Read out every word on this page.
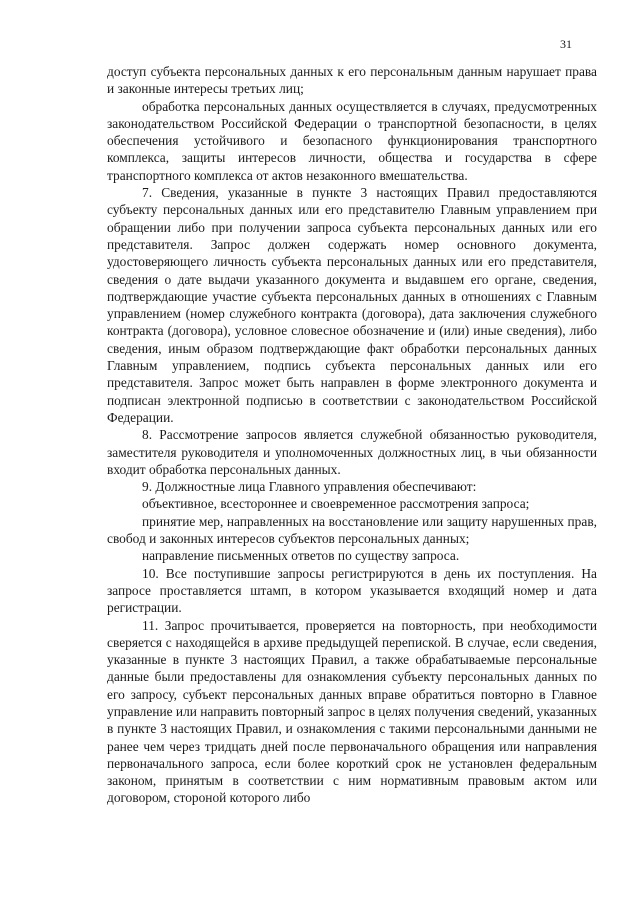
31

доступ субъекта персональных данных к его персональным данным нарушает права и законные интересы третьих лиц;

обработка персональных данных осуществляется в случаях, предусмотренных законодательством Российской Федерации о транспортной безопасности, в целях обеспечения устойчивого и безопасного функционирования транспортного комплекса, защиты интересов личности, общества и государства в сфере транспортного комплекса от актов незаконного вмешательства.

7. Сведения, указанные в пункте 3 настоящих Правил предоставляются субъекту персональных данных или его представителю Главным управлением при обращении либо при получении запроса субъекта персональных данных или его представителя. Запрос должен содержать номер основного документа, удостоверяющего личность субъекта персональных данных или его представителя, сведения о дате выдачи указанного документа и выдавшем его органе, сведения, подтверждающие участие субъекта персональных данных в отношениях с Главным управлением (номер служебного контракта (договора), дата заключения служебного контракта (договора), условное словесное обозначение и (или) иные сведения), либо сведения, иным образом подтверждающие факт обработки персональных данных Главным управлением, подпись субъекта персональных данных или его представителя. Запрос может быть направлен в форме электронного документа и подписан электронной подписью в соответствии с законодательством Российской Федерации.

8. Рассмотрение запросов является служебной обязанностью руководителя, заместителя руководителя и уполномоченных должностных лиц, в чьи обязанности входит обработка персональных данных.

9. Должностные лица Главного управления обеспечивают:

объективное, всестороннее и своевременное рассмотрения запроса;

принятие мер, направленных на восстановление или защиту нарушенных прав, свобод и законных интересов субъектов персональных данных;

направление письменных ответов по существу запроса.

10. Все поступившие запросы регистрируются в день их поступления. На запросе проставляется штамп, в котором указывается входящий номер и дата регистрации.

11. Запрос прочитывается, проверяется на повторность, при необходимости сверяется с находящейся в архиве предыдущей перепиской. В случае, если сведения, указанные в пункте 3 настоящих Правил, а также обрабатываемые персональные данные были предоставлены для ознакомления субъекту персональных данных по его запросу, субъект персональных данных вправе обратиться повторно в Главное управление или направить повторный запрос в целях получения сведений, указанных в пункте 3 настоящих Правил, и ознакомления с такими персональными данными не ранее чем через тридцать дней после первоначального обращения или направления первоначального запроса, если более короткий срок не установлен федеральным законом, принятым в соответствии с ним нормативным правовым актом или договором, стороной которого либо
